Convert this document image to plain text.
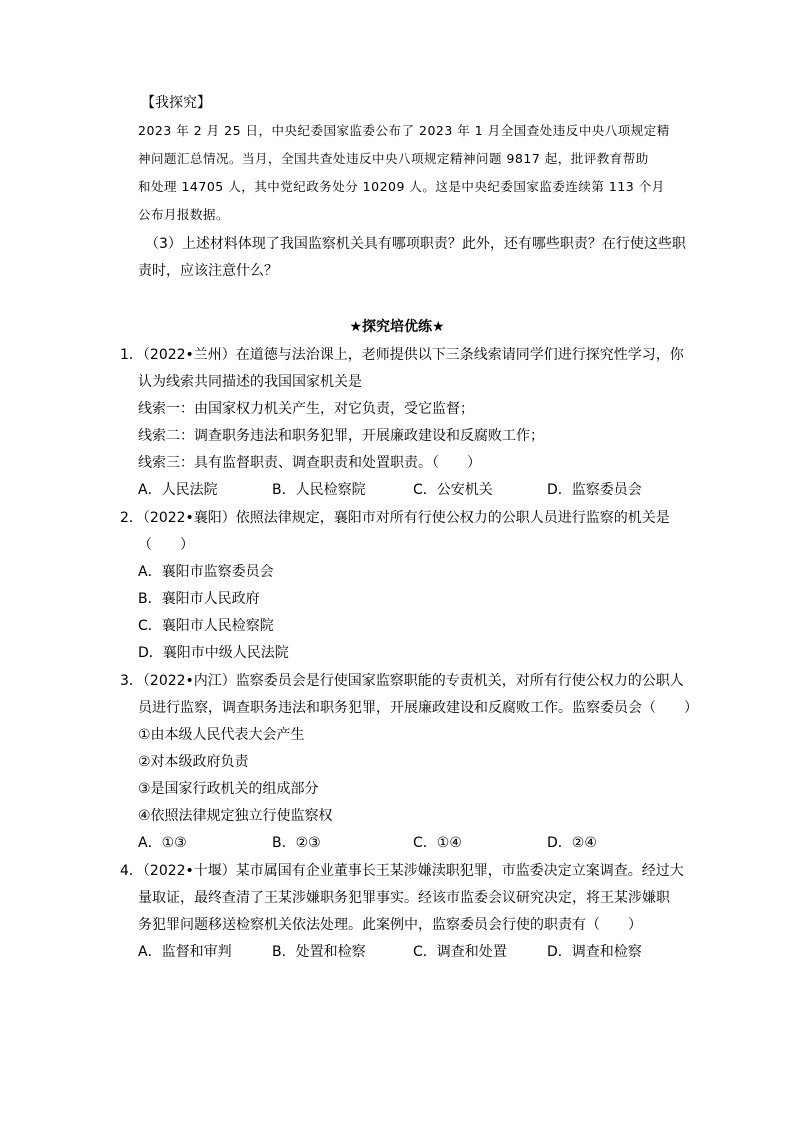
【我探究】
2023 年 2 月 25 日，中央纪委国家监委公布了 2023 年 1 月全国查处违反中央八项规定精
神问题汇总情况。当月，全国共查处违反中央八项规定精神问题 9817 起，批评教育帮助
和处理 14705 人，其中党纪政务处分 10209 人。这是中央纪委国家监委连续第 113 个月
公布月报数据。
（3）上述材料体现了我国监察机关具有哪项职责？此外，还有哪些职责？在行使这些职
责时，应该注意什么？
★探究培优练★
1．（2022•兰州）在道德与法治课上，老师提供以下三条线索请同学们进行探究性学习，你
认为线索共同描述的我国国家机关是
线索一：由国家权力机关产生，对它负责，受它监督；
线索二：调查职务违法和职务犯罪，开展廉政建设和反腐败工作；
线索三：具有监督职责、调查职责和处置职责。（　　）
A．人民法院	B．人民检察院	C．公安机关	D．监察委员会
2．（2022•襄阳）依照法律规定，襄阳市对所有行使公权力的公职人员进行监察的机关是
（　　）
A．襄阳市监察委员会
B．襄阳市人民政府
C．襄阳市人民检察院
D．襄阳市中级人民法院
3．（2022•内江）监察委员会是行使国家监察职能的专责机关，对所有行使公权力的公职人
员进行监察，调查职务违法和职务犯罪，开展廉政建设和反腐败工作。监察委员会（　　）
①由本级人民代表大会产生
②对本级政府负责
③是国家行政机关的组成部分
④依照法律规定独立行使监察权
A．①③	B．②③	C．①④	D．②④
4．（2022•十堰）某市属国有企业董事长王某涉嫌渎职犯罪，市监委决定立案调查。经过大
量取证，最终查清了王某涉嫌职务犯罪事实。经该市监委会议研究决定，将王某涉嫌职
务犯罪问题移送检察机关依法处理。此案例中，监察委员会行使的职责有（　　）
A．监督和审判	B．处置和检察	C．调查和处置	D．调查和检察
